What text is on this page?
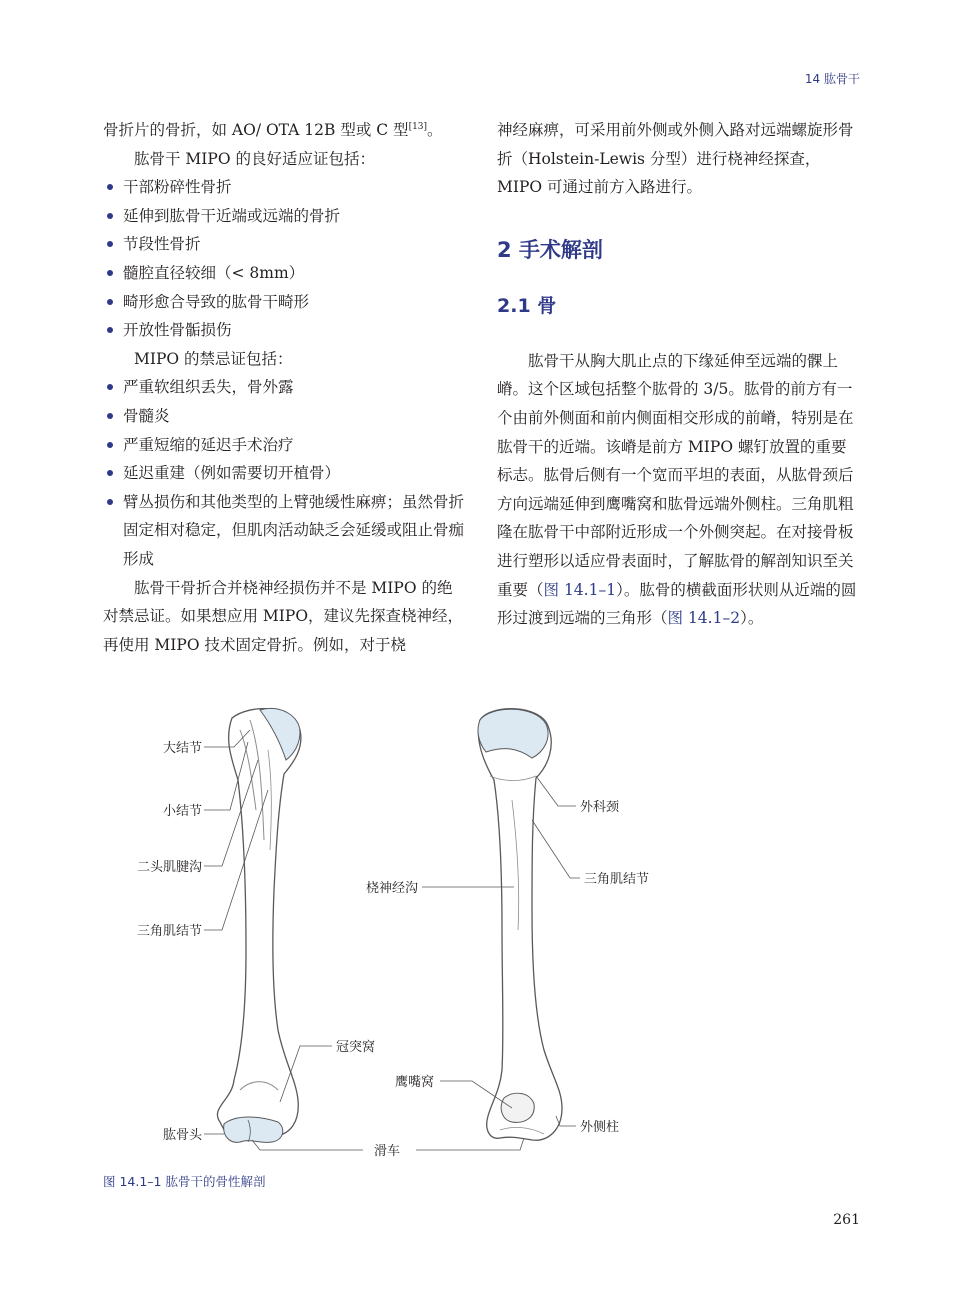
14 肱骨干

骨折片的骨折，如 AO/ OTA 12B 型或 C 型[13]。

肱骨干 MIPO 的良好适应证包括：

干部粉碎性骨折
延伸到肱骨干近端或远端的骨折
节段性骨折
髓腔直径较细（< 8mm）
畸形愈合导致的肱骨干畸形
开放性骨骺损伤

MIPO 的禁忌证包括：

严重软组织丢失，骨外露
骨髓炎
严重短缩的延迟手术治疗
延迟重建（例如需要切开植骨）
臂丛损伤和其他类型的上臂弛缓性麻痹；虽然骨折固定相对稳定，但肌肉活动缺乏会延缓或阻止骨痂形成

肱骨干骨折合并桡神经损伤并不是 MIPO 的绝对禁忌证。如果想应用 MIPO，建议先探查桡神经，再使用 MIPO 技术固定骨折。例如，对于桡

神经麻痹，可采用前外侧或外侧入路对远端螺旋形骨折（Holstein-Lewis 分型）进行桡神经探查，MIPO 可通过前方入路进行。

2 手术解剖
2.1 骨

肱骨干从胸大肌止点的下缘延伸至远端的髁上嵴。这个区域包括整个肱骨的 3/5。肱骨的前方有一个由前外侧面和前内侧面相交形成的前嵴，特别是在肱骨干的近端。该嵴是前方 MIPO 螺钉放置的重要标志。肱骨后侧有一个宽而平坦的表面，从肱骨颈后方向远端延伸到鹰嘴窝和肱骨远端外侧柱。三角肌粗隆在肱骨干中部附近形成一个外侧突起。在对接骨板进行塑形以适应骨表面时，了解肱骨的解剖知识至关重要（图 14.1–1）。肱骨的横截面形状则从近端的圆形过渡到远端的三角形（图 14.1–2）。

大结节
小结节
二头肌腱沟
三角肌结节
冠突窝
肱骨头
滑车
桡神经沟
外科颈
三角肌结节
鹰嘴窝
外侧柱
图 14.1–1 肱骨干的骨性解剖
261
